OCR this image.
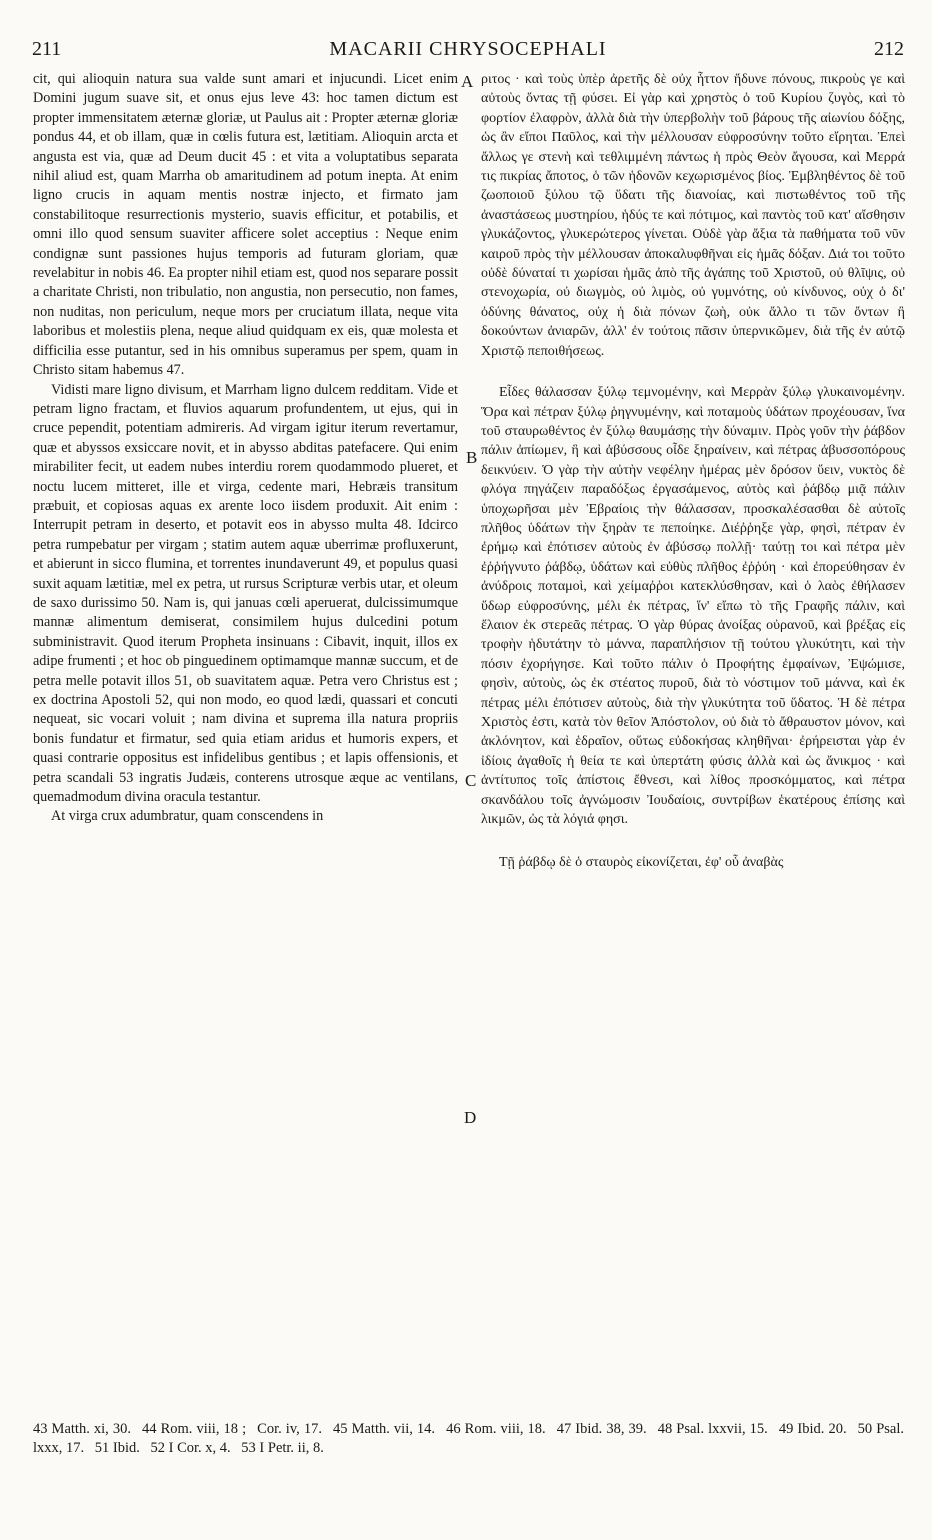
211	MACARII CHRYSOCEPHALI	212

cit, qui alioquin natura sua valde sunt amari et injucundi. Licet enim Domini jugum suave sit, et onus ejus leve 43: hoc tamen dictum est propter immensitatem æternæ gloriæ, ut Paulus ait : Propter æternæ gloriæ pondus 44, et ob illam, quæ in cœlis futura est, lætitiam. Alioquin arcta et angusta est via, quæ ad Deum ducit 45 : et vita a voluptatibus separata nihil aliud est, quam Marrha ob amaritudinem ad potum inepta. At enim ligno crucis in aquam mentis nostræ injecto, et firmato jam constabilitoque resurrectionis mysterio, suavis efficitur, et potabilis, et omni illo quod sensum suaviter afficere solet acceptius : Neque enim condignæ sunt passiones hujus temporis ad futuram gloriam, quæ revelabitur in nobis 46. Ea propter nihil etiam est, quod nos separare possit a charitate Christi, non tribulatio, non angustia, non persecutio, non fames, non nuditas, non periculum, neque mors per cruciatum illata, neque vita laboribus et molestiis plena, neque aliud quidquam ex eis, quæ molesta et difficilia esse putantur, sed in his omnibus superamus per spem, quam in Christo sitam habemus 47.

Vidisti mare ligno divisum, et Marrham ligno dulcem redditam. Vide et petram ligno fractam, et fluvios aquarum profundentem, ut ejus, qui in cruce pependit, potentiam admireris. Ad virgam igitur iterum revertamur, quæ et abyssos exsiccare novit, et in abysso abditas patefacere. Qui enim mirabiliter fecit, ut eadem nubes interdiu rorem quodammodo plueret, et noctu lucem mitteret, ille et virga, cedente mari, Hebræis transitum præbuit, et copiosas aquas ex arente loco iisdem produxit. Ait enim : Interrupit petram in deserto, et potavit eos in abysso multa 48. Idcirco petra rumpebatur per virgam ; statim autem aquæ uberrimæ profluxerunt, et abierunt in sicco flumina, et torrentes inundaverunt 49, et populus quasi suxit aquam lætitiæ, mel ex petra, ut rursus Scripturæ verbis utar, et oleum de saxo durissimo 50. Nam is, qui januas cœli aperuerat, dulcissimumque mannæ alimentum demiserat, consimilem hujus dulcedini potum subministravit. Quod iterum Propheta insinuans : Cibavit, inquit, illos ex adipe frumenti ; et hoc ob pinguedinem optimamque mannæ succum, et de petra melle potavit illos 51, ob suavitatem aquæ. Petra vero Christus est ; ex doctrina Apostoli 52, qui non modo, eo quod lædi, quassari et concuti nequeat, sic vocari voluit ; nam divina et suprema illa natura propriis bonis fundatur et firmatur, sed quia etiam aridus et humoris expers, et quasi contrarie oppositus est infidelibus gentibus ; et lapis offensionis, et petra scandali 53 ingratis Judæis, conterens utrosque æque ac ventilans, quemadmodum divina oracula testantur.

At virga crux adumbratur, quam conscendens in

A
B
C
D

ριτος · καὶ τοὺς ὑπὲρ ἀρετῆς δὲ οὐχ ἧττον ἥδυνε πόνους, πικροὺς γε καὶ αὐτοὺς ὄντας τῇ φύσει. Εἰ γὰρ καὶ χρηστὸς ὁ τοῦ Κυρίου ζυγὸς, καὶ τὸ φορτίον ἐλαφρὸν, ἀλλὰ διὰ τὴν ὑπερβολὴν τοῦ βάρους τῆς αἰωνίου δόξης, ὡς ἂν εἴποι Παῦλος, καὶ τὴν μέλλουσαν εὐφροσύνην τοῦτο εἴρηται. Ἐπεὶ ἄλλως γε στενὴ καὶ τεθλιμμένη πάντως ἡ πρὸς Θεὸν ἄγουσα, καὶ Μερρά τις πικρίας ἄποτος, ὁ τῶν ἡδονῶν κεχωρισμένος βίος. Ἐμβληθέντος δὲ τοῦ ζωοποιοῦ ξύλου τῷ ὕδατι τῆς διανοίας, καὶ πιστωθέντος τοῦ τῆς ἀναστάσεως μυστηρίου, ἡδύς τε καὶ πότιμος, καὶ παντὸς τοῦ κατ' αἴσθησιν γλυκάζοντος, γλυκερώτερος γίνεται. Οὐδὲ γὰρ ἄξια τὰ παθήματα τοῦ νῦν καιροῦ πρὸς τὴν μέλλουσαν ἀποκαλυφθῆναι εἰς ἡμᾶς δόξαν. Διά τοι τοῦτο οὐδὲ δύναταί τι χωρίσαι ἡμᾶς ἀπὸ τῆς ἀγάπης τοῦ Χριστοῦ, οὐ θλῖψις, οὐ στενοχωρία, οὐ διωγμὸς, οὐ λιμὸς, οὐ γυμνότης, οὐ κίνδυνος, οὐχ ὁ δι' ὀδύνης θάνατος, οὐχ ἡ διὰ πόνων ζωὴ, οὐκ ἄλλο τι τῶν ὄντων ἢ δοκούντων ἀνιαρῶν, ἀλλ' ἐν τούτοις πᾶσιν ὑπερνικῶμεν, διὰ τῆς ἐν αὐτῷ Χριστῷ πεποιθήσεως.

Εἶδες θάλασσαν ξύλῳ τεμνομένην, καὶ Μερρὰν ξύλῳ γλυκαινομένην. Ὅρα καὶ πέτραν ξύλῳ ῥηγνυμένην, καὶ ποταμοὺς ὑδάτων προχέουσαν, ἵνα τοῦ σταυρωθέντος ἐν ξύλῳ θαυμάσῃς τὴν δύναμιν. Πρὸς γοῦν τὴν ῥάβδον πάλιν ἀπίωμεν, ἣ καὶ ἀβύσσους οἶδε ξηραίνειν, καὶ πέτρας ἀβυσσοπόρους δεικνύειν. Ὁ γὰρ τὴν αὐτὴν νεφέλην ἡμέρας μὲν δρόσον ὕειν, νυκτὸς δὲ φλόγα πηγάζειν παραδόξως ἐργασάμενος, αὐτὸς καὶ ῥάβδῳ μιᾷ πάλιν ὑποχωρῆσαι μὲν Ἑβραίοις τὴν θάλασσαν, προσκαλέσασθαι δὲ αὐτοῖς πλῆθος ὑδάτων τὴν ξηρὰν τε πεποίηκε. Διέῤῥηξε γὰρ, φησὶ, πέτραν ἐν ἐρήμῳ καὶ ἐπότισεν αὐτοὺς ἐν ἀβύσσῳ πολλῇ· ταύτῃ τοι καὶ πέτρα μὲν ἐῤῥήγνυτο ῥάβδῳ, ὑδάτων καὶ εὐθὺς πλῆθος ἐῤῥύη · καὶ ἐπορεύθησαν ἐν ἀνύδροις ποταμοὶ, καὶ χείμαῤῥοι κατεκλύσθησαν, καὶ ὁ λαὸς ἐθήλασεν ὕδωρ εὐφροσύνης, μέλι ἐκ πέτρας, ἵν' εἴπω τὸ τῆς Γραφῆς πάλιν, καὶ ἔλαιον ἐκ στερεᾶς πέτρας. Ὁ γὰρ θύρας ἀνοίξας οὐρανοῦ, καὶ βρέξας εἰς τροφὴν ἡδυτάτην τὸ μάννα, παραπλήσιον τῇ τούτου γλυκύτητι, καὶ τὴν πόσιν ἐχορήγησε. Καὶ τοῦτο πάλιν ὁ Προφήτης ἐμφαίνων, Ἐψώμισε, φησὶν, αὐτοὺς, ὡς ἐκ στέατος πυροῦ, διὰ τὸ νόστιμον τοῦ μάννα, καὶ ἐκ πέτρας μέλι ἐπότισεν αὐτοὺς, διὰ τὴν γλυκύτητα τοῦ ὕδατος. Ἡ δὲ πέτρα Χριστὸς ἐστι, κατὰ τὸν θεῖον Ἀπόστολον, οὐ διὰ τὸ ἄθραυστον μόνον, καὶ ἀκλόνητον, καὶ ἑδραῖον, οὕτως εὐδοκήσας κληθῆναι· ἐρήρεισται γὰρ ἐν ἰδίοις ἀγαθοῖς ἡ θεία τε καὶ ὑπερτάτη φύσις ἀλλὰ καὶ ὡς ἄνικμος · καὶ ἀντίτυπος τοῖς ἀπίστοις ἔθνεσι, καὶ λίθος προσκόμματος, καὶ πέτρα σκανδάλου τοῖς ἀγνώμοσιν Ἰουδαίοις, συντρίβων ἑκατέρους ἐπίσης καὶ λικμῶν, ὡς τὰ λόγιά φησι.

Τῇ ῥάβδῳ δὲ ὁ σταυρὸς εἰκονίζεται, ἐφ' οὗ ἀναβὰς

43 Matth. xi, 30. 44 Rom. viii, 18 ; Cor. iv, 17. 45 Matth. vii, 14. 46 Rom. viii, 18. 47 Ibid. 38, 39. 48 Psal. lxxvii, 15. 49 Ibid. 20. 50 Psal. lxxx, 17. 51 Ibid. 52 I Cor. x, 4. 53 I Petr. ii, 8.
